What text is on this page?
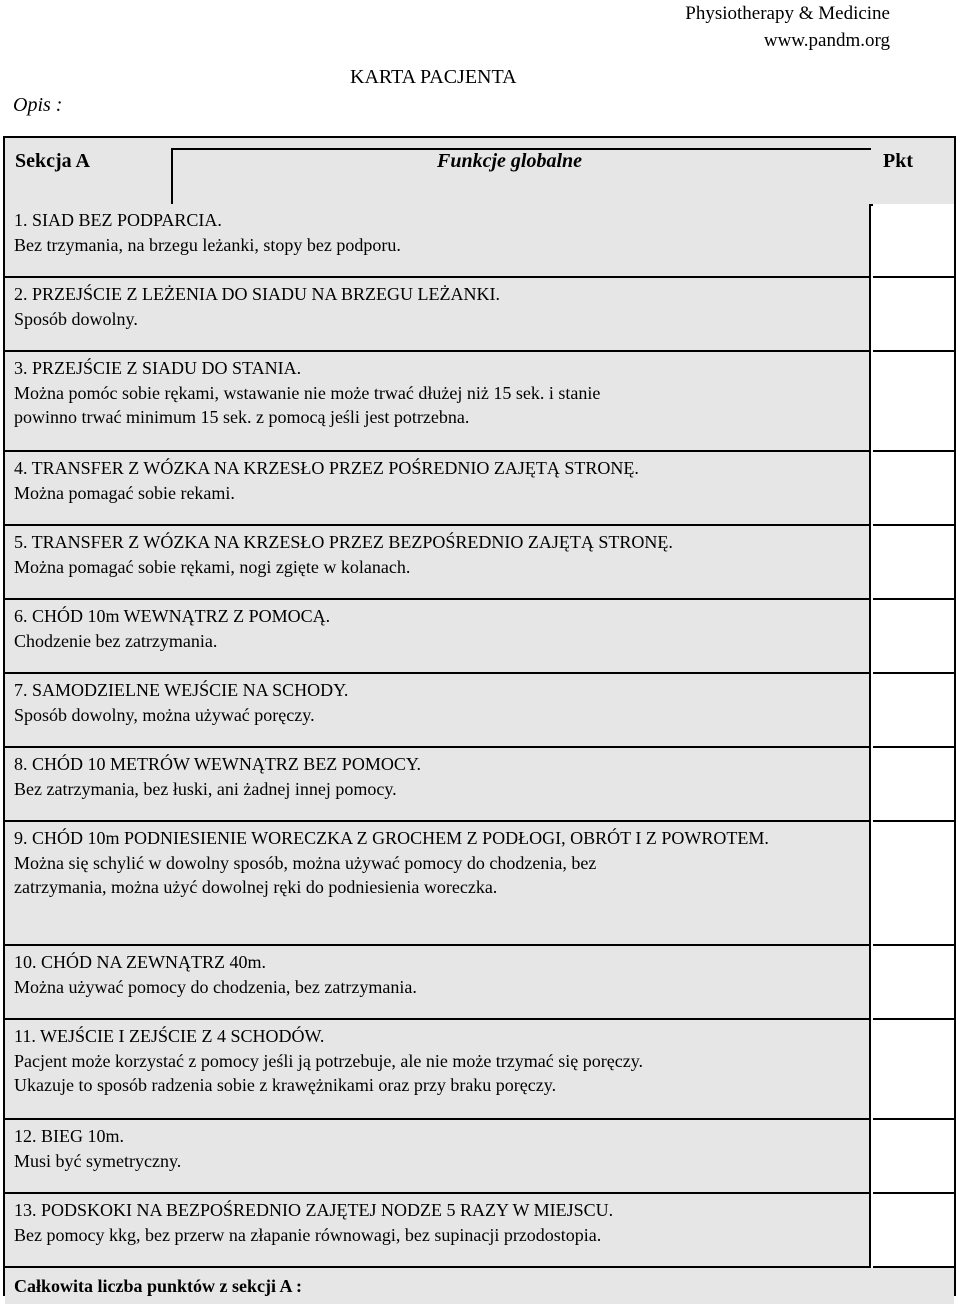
Physiotherapy & Medicine
www.pandm.org
KARTA PACJENTA
Opis :
Sekcja A	Funkcje globalne	Pkt
1. SIAD BEZ PODPARCIA.
Bez trzymania, na brzegu leżanki, stopy bez podporu.
2. PRZEJŚCIE Z LEŻENIA DO SIADU NA BRZEGU LEŻANKI.
Sposób dowolny.
3. PRZEJŚCIE Z SIADU DO STANIA.
Można pomóc sobie rękami, wstawanie nie może trwać dłużej niż 15 sek. i stanie
powinno trwać minimum 15 sek. z pomocą jeśli jest potrzebna.
4. TRANSFER Z WÓZKA NA KRZESŁO PRZEZ POŚREDNIO ZAJĘTĄ STRONĘ.
Można pomagać sobie rekami.
5. TRANSFER Z WÓZKA NA KRZESŁO PRZEZ BEZPOŚREDNIO ZAJĘTĄ STRONĘ.
Można pomagać sobie rękami, nogi zgięte w kolanach.
6. CHÓD 10m WEWNĄTRZ Z POMOCĄ.
Chodzenie bez zatrzymania.
7. SAMODZIELNE WEJŚCIE NA SCHODY.
Sposób dowolny, można używać poręczy.
8. CHÓD 10 METRÓW WEWNĄTRZ BEZ POMOCY.
Bez zatrzymania, bez łuski, ani żadnej innej pomocy.
9. CHÓD 10m PODNIESIENIE WORECZKA Z GROCHEM Z PODŁOGI, OBRÓT I Z POWROTEM.
Można się schylić w dowolny sposób, można używać pomocy do chodzenia, bez
zatrzymania, można użyć dowolnej ręki do podniesienia woreczka.
10. CHÓD NA ZEWNĄTRZ 40m.
Można używać pomocy do chodzenia, bez zatrzymania.
11. WEJŚCIE I ZEJŚCIE Z 4 SCHODÓW.
Pacjent może korzystać z pomocy jeśli ją potrzebuje, ale nie może trzymać się poręczy.
Ukazuje to sposób radzenia sobie z krawężnikami oraz przy braku poręczy.
12. BIEG 10m.
Musi być symetryczny.
13. PODSKOKI NA BEZPOŚREDNIO ZAJĘTEJ NODZE 5 RAZY W MIEJSCU.
Bez pomocy kkg, bez przerw na złapanie równowagi, bez supinacji przodostopia.
Całkowita liczba punktów z sekcji A :
